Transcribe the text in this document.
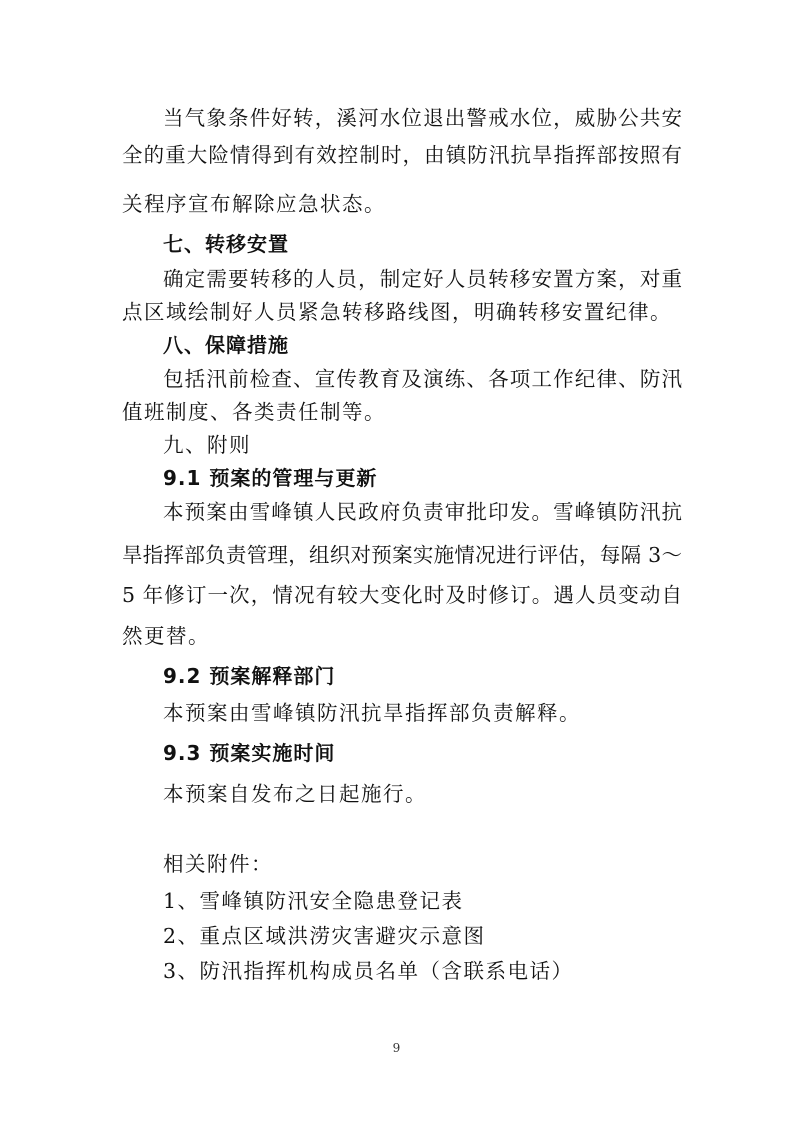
当气象条件好转，溪河水位退出警戒水位，威胁公共安
全的重大险情得到有效控制时，由镇防汛抗旱指挥部按照有
关程序宣布解除应急状态。
七、转移安置
确定需要转移的人员，制定好人员转移安置方案，对重
点区域绘制好人员紧急转移路线图，明确转移安置纪律。
八、保障措施
包括汛前检查、宣传教育及演练、各项工作纪律、防汛
值班制度、各类责任制等。
九、附则
9.1 预案的管理与更新
本预案由雪峰镇人民政府负责审批印发。雪峰镇防汛抗
旱指挥部负责管理，组织对预案实施情况进行评估，每隔 3～
5 年修订一次，情况有较大变化时及时修订。遇人员变动自
然更替。
9.2 预案解释部门
本预案由雪峰镇防汛抗旱指挥部负责解释。
9.3 预案实施时间
本预案自发布之日起施行。
相关附件：
1、雪峰镇防汛安全隐患登记表
2、重点区域洪涝灾害避灾示意图
3、防汛指挥机构成员名单（含联系电话）
9
